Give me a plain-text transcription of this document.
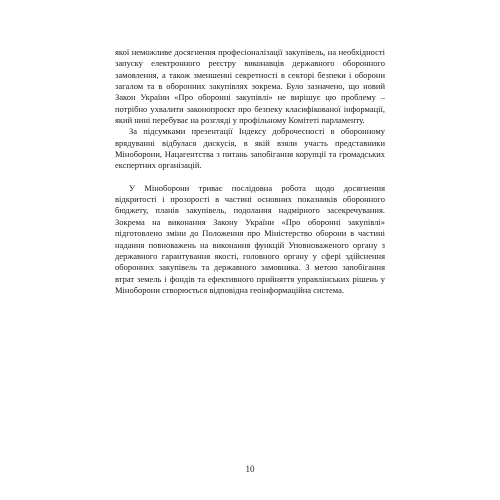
якої неможливе досягнення професіоналізації закупівель, на необхідності запуску електронного реєстру виконавців державного оборонного замовлення, а також зменшенні секретності в секторі безпеки і оборони загалом та в оборонних закупівлях зокрема. Було зазначено, що новий Закон України «Про оборонні закупівлі» не вирішує цю проблему – потрібно ухвалити законопроєкт про безпеку класифікованої інформації, який нині перебуває на розгляді у профільному Комітеті парламенту.

За підсумками презентації Індексу доброчесності в оборонному врядуванні відбулася дискусія, в якій взяли участь представники Міноборони, Нацагентства з питань запобігання корупції та громадських експертних організацій.

У Міноборони триває послідовна робота щодо досягнення відкритості і прозорості в частині основних показників оборонного бюджету, планів закупівель, подолання надмірного засекречування. Зокрема на виконання Закону України «Про оборонні закупівлі» підготовлено зміни до Положення про Міністерство оборони в частині надання повноважень на виконання функцій Уповноваженого органу з державного гарантування якості, головного органу у сфері здійснення оборонних закупівель та державного замовника. З метою запобігання втрат земель і фондів та ефективного прийняття управлінських рішень у Міноборони створюється відповідна геоінформаційна система.

10
